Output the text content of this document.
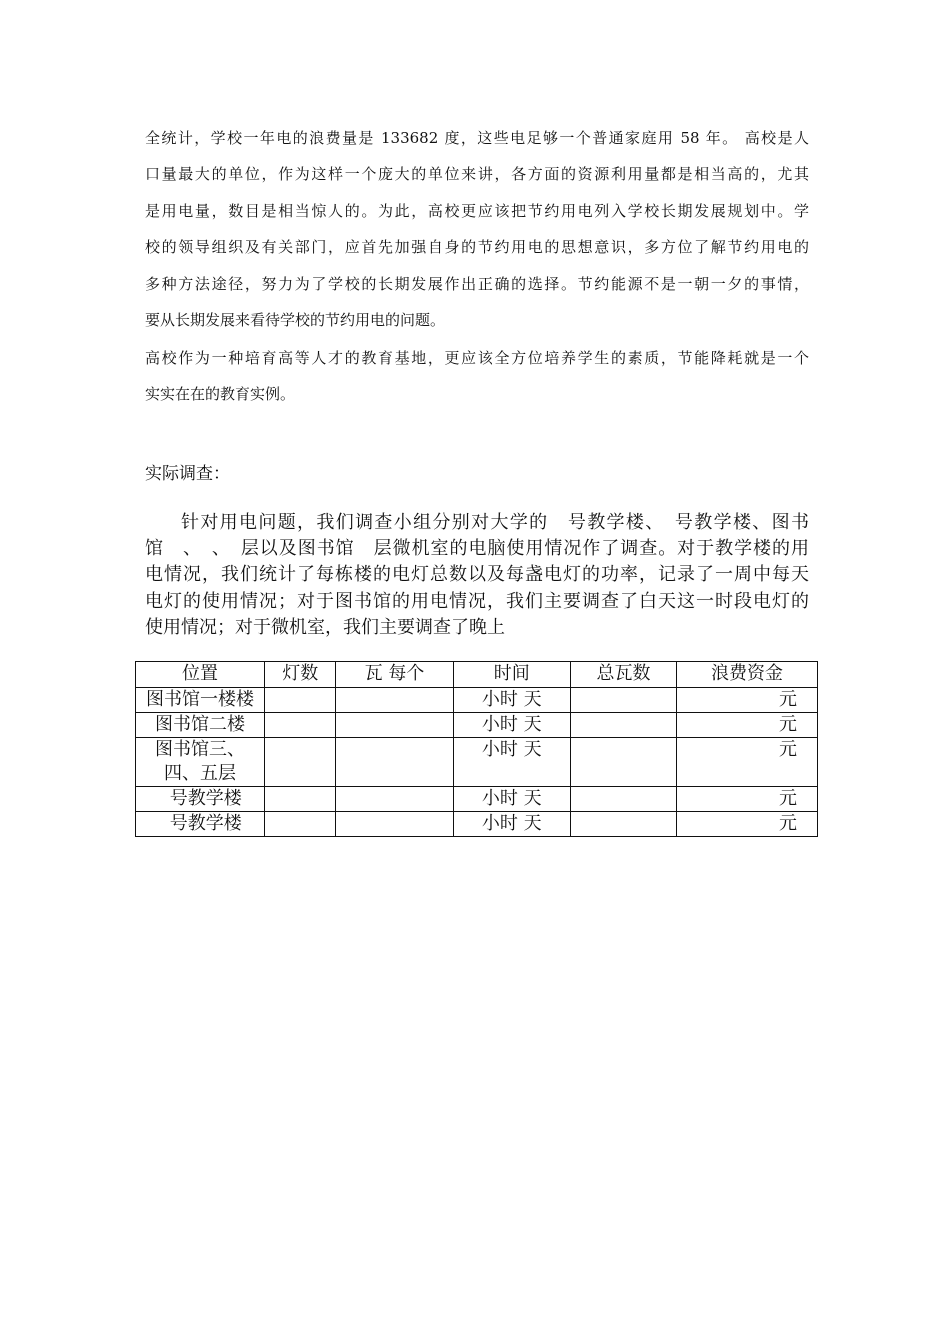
全统计，学校一年电的浪费量是 133682 度，这些电足够一个普通家庭用 58 年。 高校是人
口量最大的单位，作为这样一个庞大的单位来讲，各方面的资源利用量都是相当高的，尤其
是用电量，数目是相当惊人的。为此，高校更应该把节约用电列入学校长期发展规划中。学
校的领导组织及有关部门，应首先加强自身的节约用电的思想意识，多方位了解节约用电的
多种方法途径，努力为了学校的长期发展作出正确的选择。节约能源不是一朝一夕的事情，
要从长期发展来看待学校的节约用电的问题。

高校作为一种培育高等人才的教育基地，更应该全方位培养学生的素质，节能降耗就是一个
实实在在的教育实例。

实际调查：

针对用电问题，我们调查小组分别对大学的　号教学楼、　号教学楼、图书
馆　、　、　层以及图书馆　层微机室的电脑使用情况作了调查。对于教学楼的用
电情况，我们统计了每栋楼的电灯总数以及每盏电灯的功率，记录了一周中每天
电灯的使用情况；对于图书馆的用电情况，我们主要调查了白天这一时段电灯的
使用情况；对于微机室，我们主要调查了晚上

位置	灯数	瓦 每个	时间	总瓦数	浪费资金
图书馆一楼楼			小时 天		元
图书馆二楼			小时 天		元
图书馆三、四、五层			小时 天		元
号教学楼			小时 天		元
号教学楼			小时 天		元
